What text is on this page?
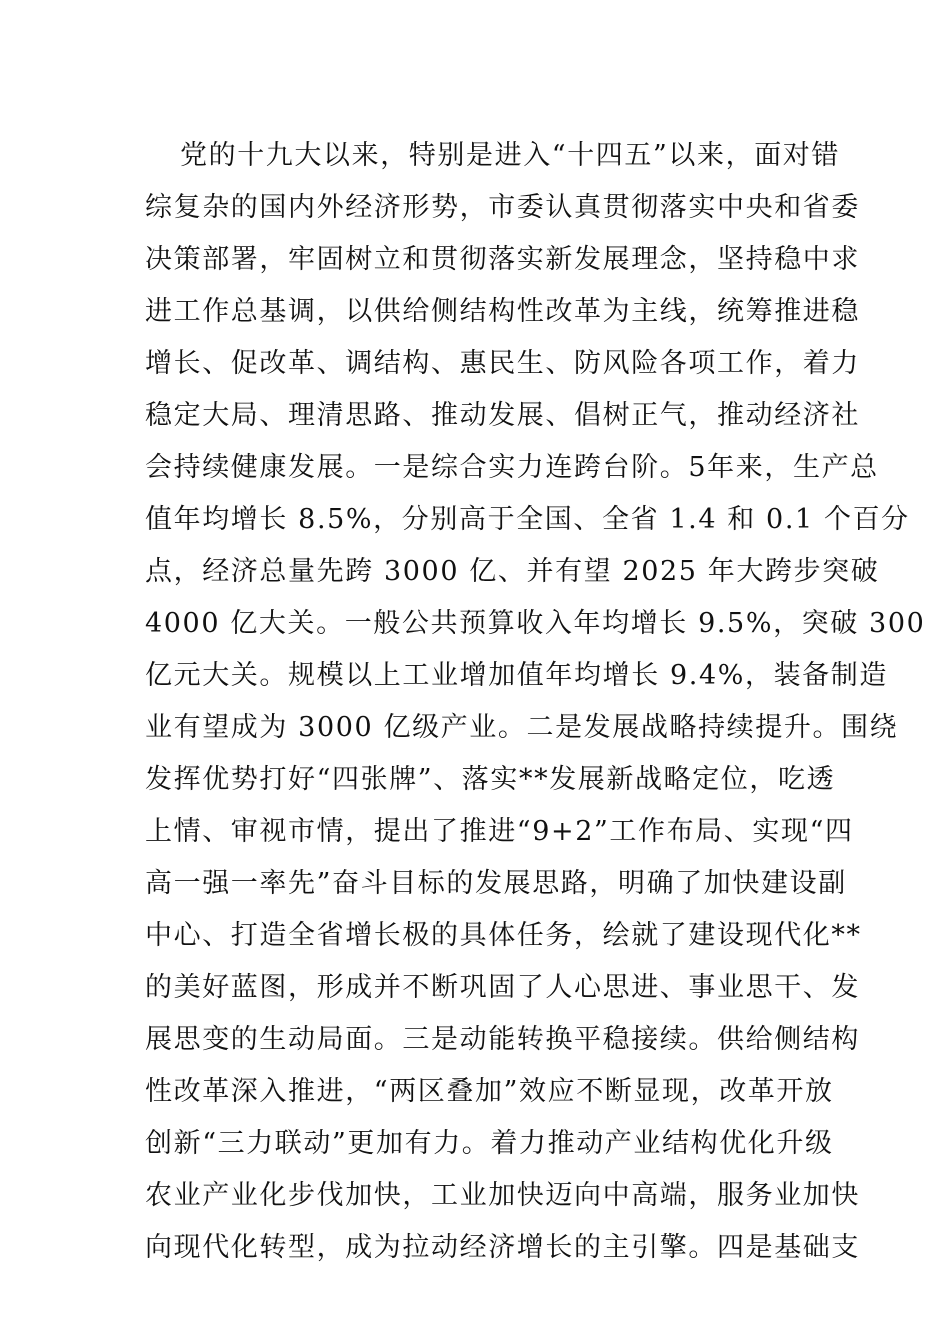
党的十九大以来，特别是进入“十四五”以来，面对错
综复杂的国内外经济形势，市委认真贯彻落实中央和省委
决策部署，牢固树立和贯彻落实新发展理念，坚持稳中求
进工作总基调，以供给侧结构性改革为主线，统筹推进稳
增长、促改革、调结构、惠民生、防风险各项工作，着力
稳定大局、理清思路、推动发展、倡树正气，推动经济社
会持续健康发展。一是综合实力连跨台阶。5年来，生产总
值年均增长 8.5%，分别高于全国、全省 1.4 和 0.1 个百分
点，经济总量先跨 3000 亿、并有望 2025 年大跨步突破
4000 亿大关。一般公共预算收入年均增长 9.5%，突破 300
亿元大关。规模以上工业增加值年均增长 9.4%，装备制造
业有望成为 3000 亿级产业。二是发展战略持续提升。围绕
发挥优势打好“四张牌”、落实**发展新战略定位，吃透
上情、审视市情，提出了推进“9+2”工作布局、实现“四
高一强一率先”奋斗目标的发展思路，明确了加快建设副
中心、打造全省增长极的具体任务，绘就了建设现代化**
的美好蓝图，形成并不断巩固了人心思进、事业思干、发
展思变的生动局面。三是动能转换平稳接续。供给侧结构
性改革深入推进，“两区叠加”效应不断显现，改革开放
创新“三力联动”更加有力。着力推动产业结构优化升级
农业产业化步伐加快，工业加快迈向中高端，服务业加快
向现代化转型，成为拉动经济增长的主引擎。四是基础支
